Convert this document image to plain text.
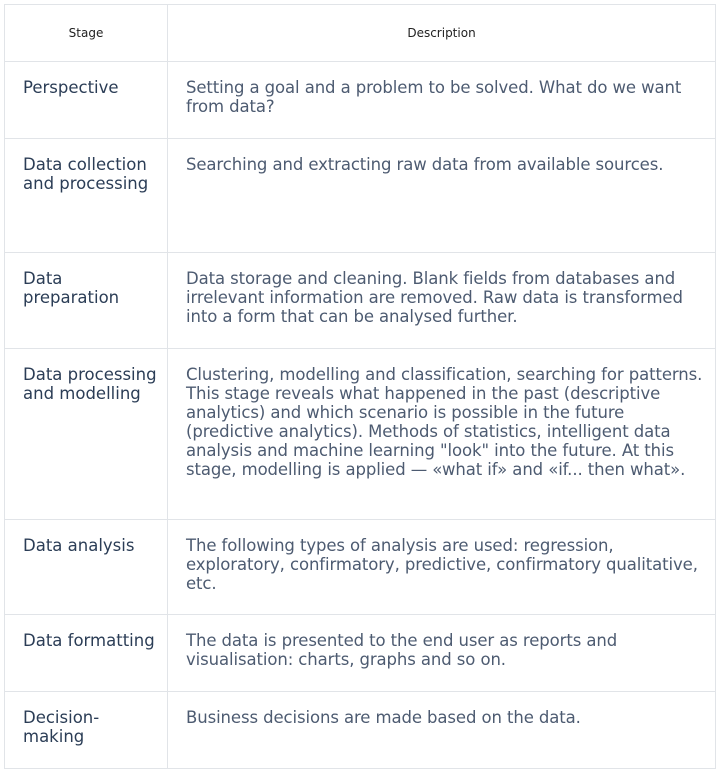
Stage	Description
Perspective	Setting a goal and a problem to be solved. What do we want from data?
Data collection and processing	Searching and extracting raw data from available sources.
Data preparation	Data storage and cleaning. Blank fields from databases and irrelevant information are removed. Raw data is transformed into a form that can be analysed further.
Data processing and modelling	Clustering, modelling and classification, searching for patterns. This stage reveals what happened in the past (descriptive analytics) and which scenario is possible in the future (predictive analytics). Methods of statistics, intelligent data analysis and machine learning "look" into the future. At this stage, modelling is applied — «what if» and «if... then what».
Data analysis	The following types of analysis are used: regression, exploratory, confirmatory, predictive, confirmatory qualitative, etc.
Data formatting	The data is presented to the end user as reports and visualisation: charts, graphs and so on.
Decision-making	Business decisions are made based on the data.
